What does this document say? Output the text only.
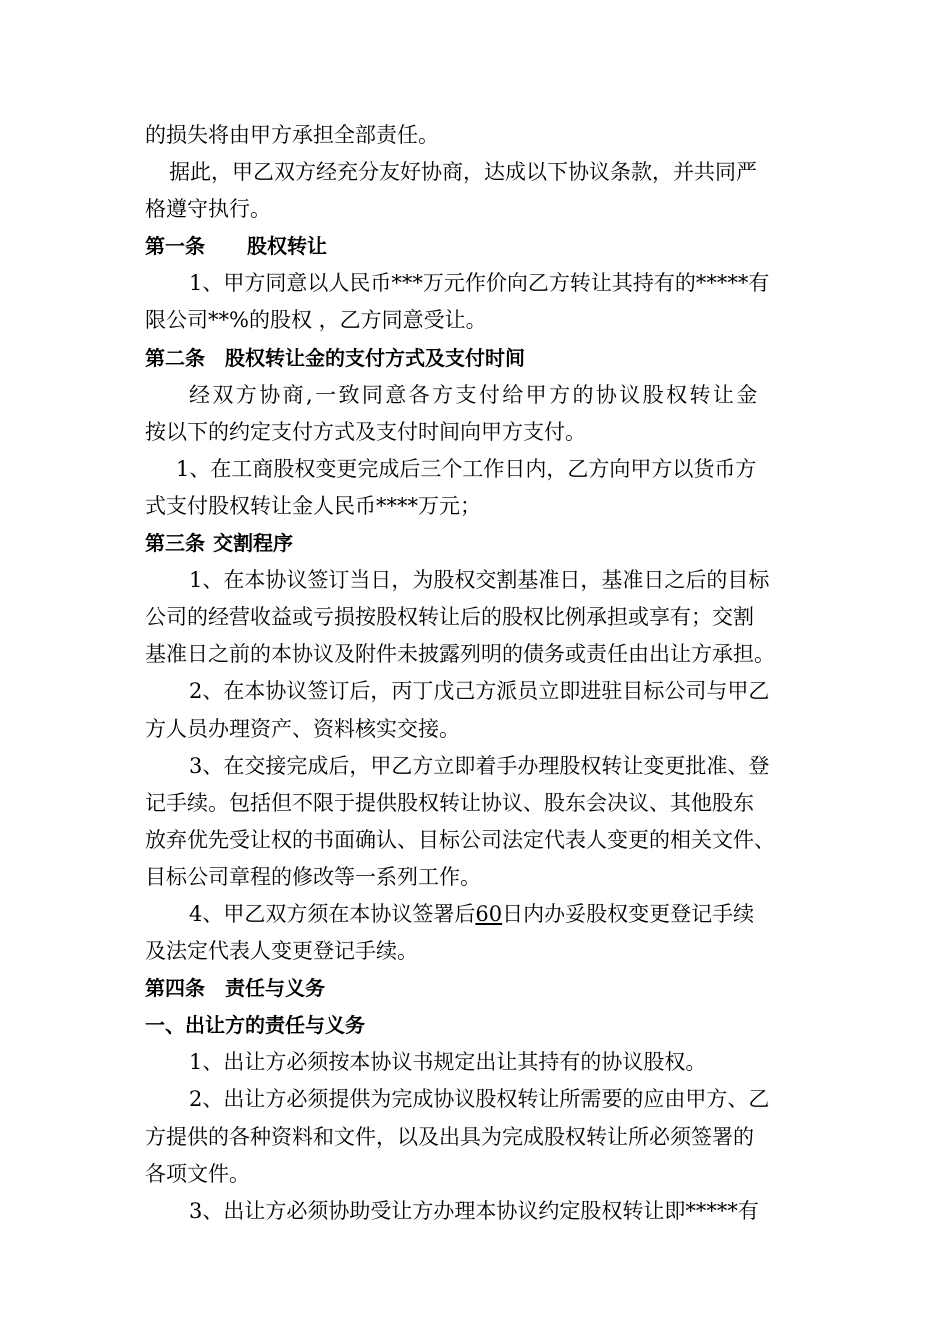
的损失将由甲方承担全部责任。

据此，甲乙双方经充分友好协商，达成以下协议条款，并共同严

格遵守执行。

第一条 股权转让

1、甲方同意以人民币***万元作价向乙方转让其持有的*****有

限公司**%的股权 ，乙方同意受让。

第二条 股权转让金的支付方式及支付时间

经双方协商,一致同意各方支付给甲方的协议股权转让金

按以下的约定支付方式及支付时间向甲方支付。

1、在工商股权变更完成后三个工作日内，乙方向甲方以货币方

式支付股权转让金人民币****万元；

第三条 交割程序

1、在本协议签订当日，为股权交割基准日，基准日之后的目标

公司的经营收益或亏损按股权转让后的股权比例承担或享有；交割

基准日之前的本协议及附件未披露列明的债务或责任由出让方承担。

2、在本协议签订后，丙丁戊己方派员立即进驻目标公司与甲乙

方人员办理资产、资料核实交接。

3、在交接完成后，甲乙方立即着手办理股权转让变更批准、登

记手续。包括但不限于提供股权转让协议、股东会决议、其他股东

放弃优先受让权的书面确认、目标公司法定代表人变更的相关文件、

目标公司章程的修改等一系列工作。

4、甲乙双方须在本协议签署后60日内办妥股权变更登记手续

及法定代表人变更登记手续。

第四条 责任与义务

一、出让方的责任与义务

1、出让方必须按本协议书规定出让其持有的协议股权。

2、出让方必须提供为完成协议股权转让所需要的应由甲方、乙

方提供的各种资料和文件，以及出具为完成股权转让所必须签署的

各项文件。

3、出让方必须协助受让方办理本协议约定股权转让即*****有
